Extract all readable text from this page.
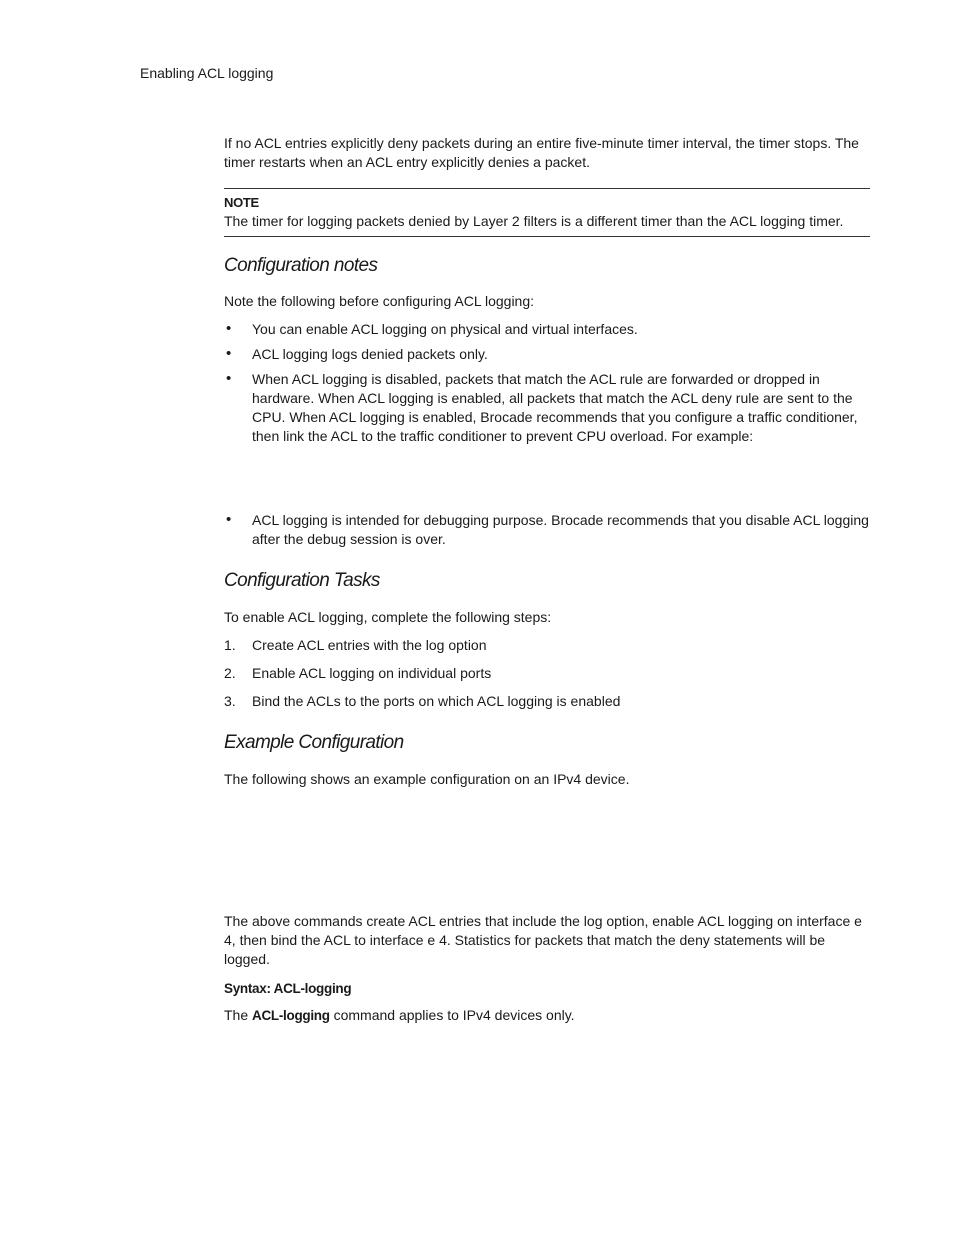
Enabling ACL logging
If no ACL entries explicitly deny packets during an entire five-minute timer interval, the timer stops. The timer restarts when an ACL entry explicitly denies a packet.
NOTE
The timer for logging packets denied by Layer 2 filters is a different timer than the ACL logging timer.
Configuration notes
Note the following before configuring ACL logging:
• You can enable ACL logging on physical and virtual interfaces.
• ACL logging logs denied packets only.
• When ACL logging is disabled, packets that match the ACL rule are forwarded or dropped in hardware. When ACL logging is enabled, all packets that match the ACL deny rule are sent to the CPU. When ACL logging is enabled, Brocade recommends that you configure a traffic conditioner, then link the ACL to the traffic conditioner to prevent CPU overload. For example:
• ACL logging is intended for debugging purpose. Brocade recommends that you disable ACL logging after the debug session is over.
Configuration Tasks
To enable ACL logging, complete the following steps:
1. Create ACL entries with the log option
2. Enable ACL logging on individual ports
3. Bind the ACLs to the ports on which ACL logging is enabled
Example Configuration
The following shows an example configuration on an IPv4 device.
The above commands create ACL entries that include the log option, enable ACL logging on interface e 4, then bind the ACL to interface e 4. Statistics for packets that match the deny statements will be logged.
Syntax: ACL-logging
The ACL-logging command applies to IPv4 devices only.
